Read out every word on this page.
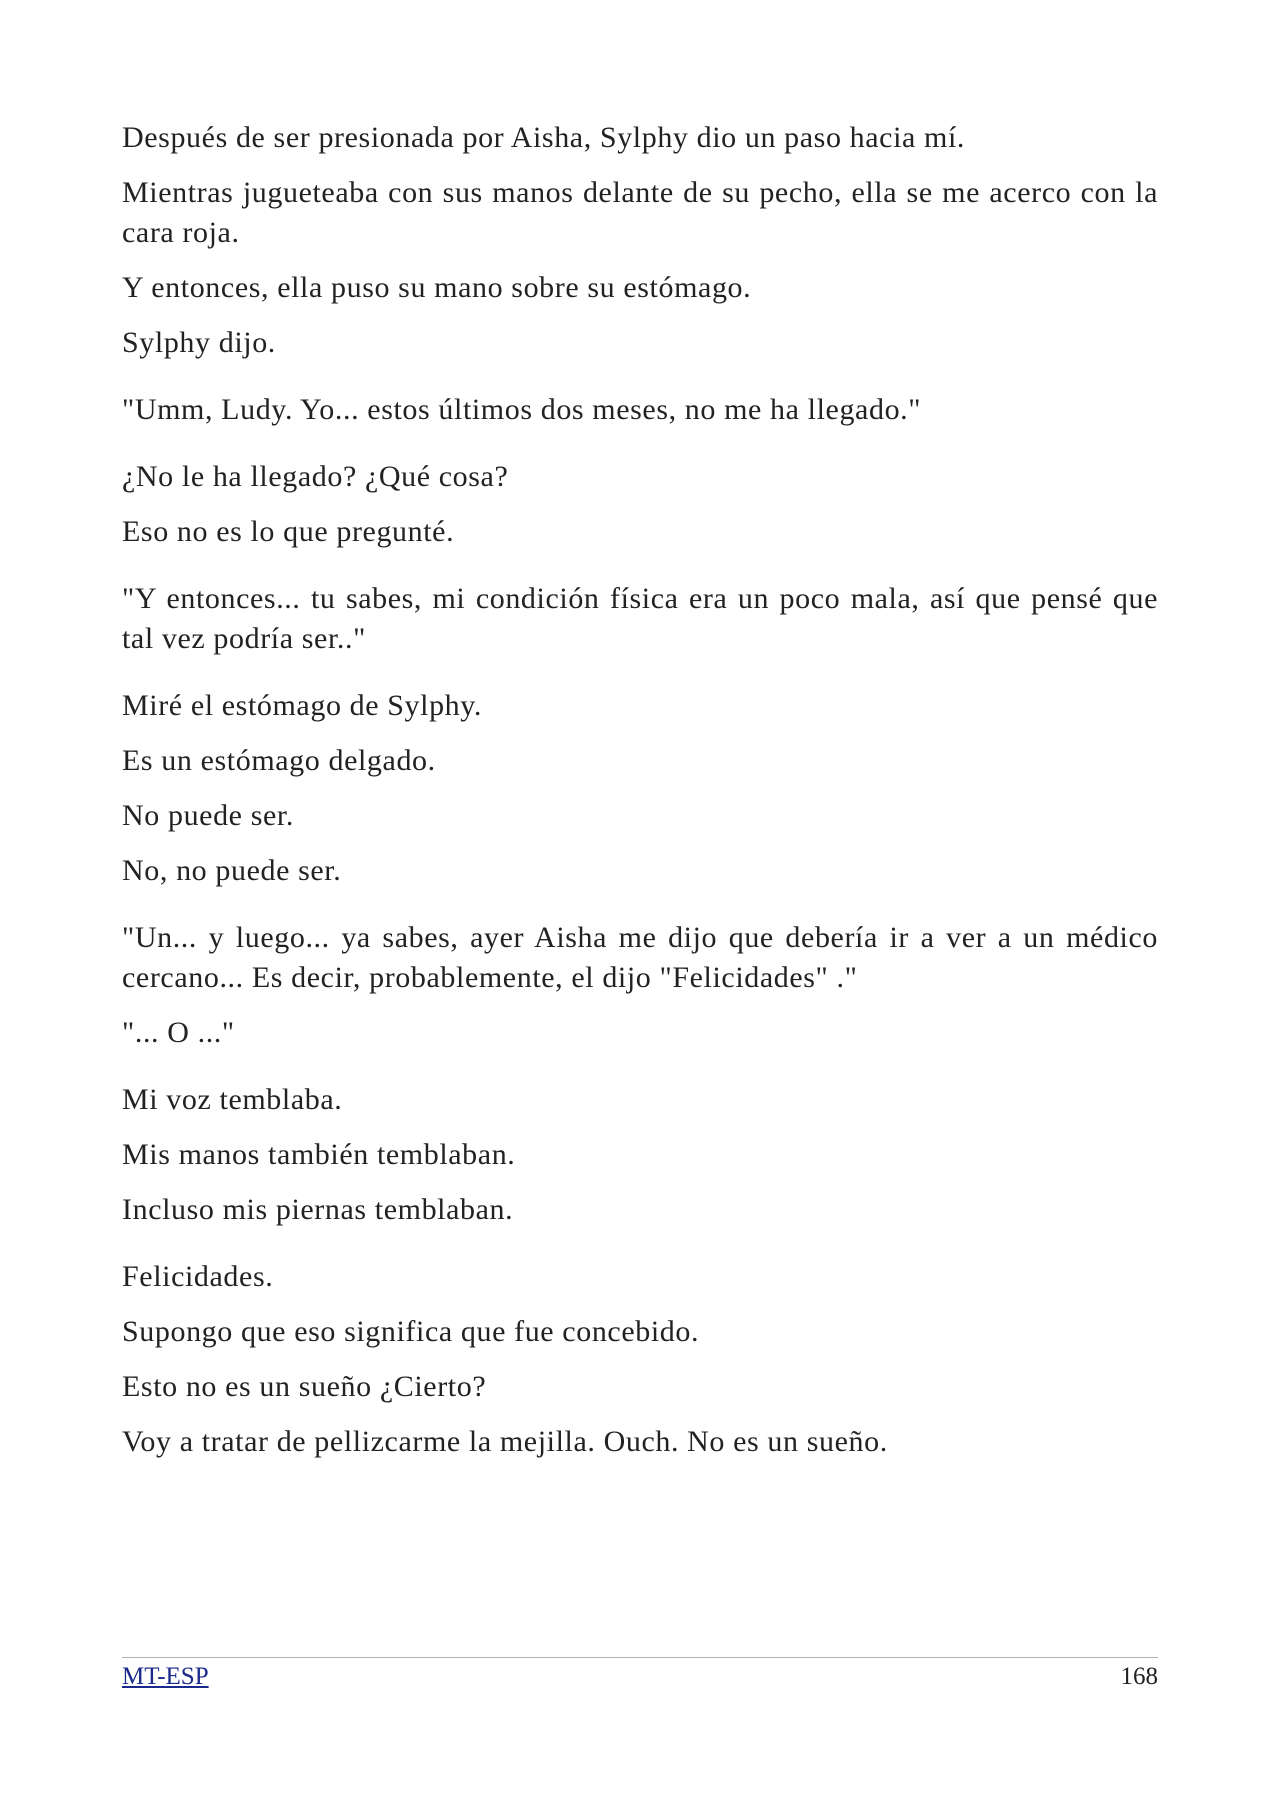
Después de ser presionada por Aisha, Sylphy dio un paso hacia mí.

Mientras jugueteaba con sus manos delante de su pecho, ella se me acerco con la cara roja.

Y entonces, ella puso su mano sobre su estómago.

Sylphy dijo.

"Umm, Ludy. Yo... estos últimos dos meses, no me ha llegado."

¿No le ha llegado? ¿Qué cosa?

Eso no es lo que pregunté.

"Y entonces... tu sabes, mi condición física era un poco mala, así que pensé que tal vez podría ser.."

Miré el estómago de Sylphy.

Es un estómago delgado.

No puede ser.

No, no puede ser.

"Un... y luego... ya sabes, ayer Aisha me dijo que debería ir a ver a un médico cercano... Es decir, probablemente, el dijo "Felicidades" ."

"... O ..."

Mi voz temblaba.

Mis manos también temblaban.

Incluso mis piernas temblaban.

Felicidades.

Supongo que eso significa que fue concebido.

Esto no es un sueño ¿Cierto?

Voy a tratar de pellizcarme la mejilla. Ouch. No es un sueño.

MT-ESP	168
